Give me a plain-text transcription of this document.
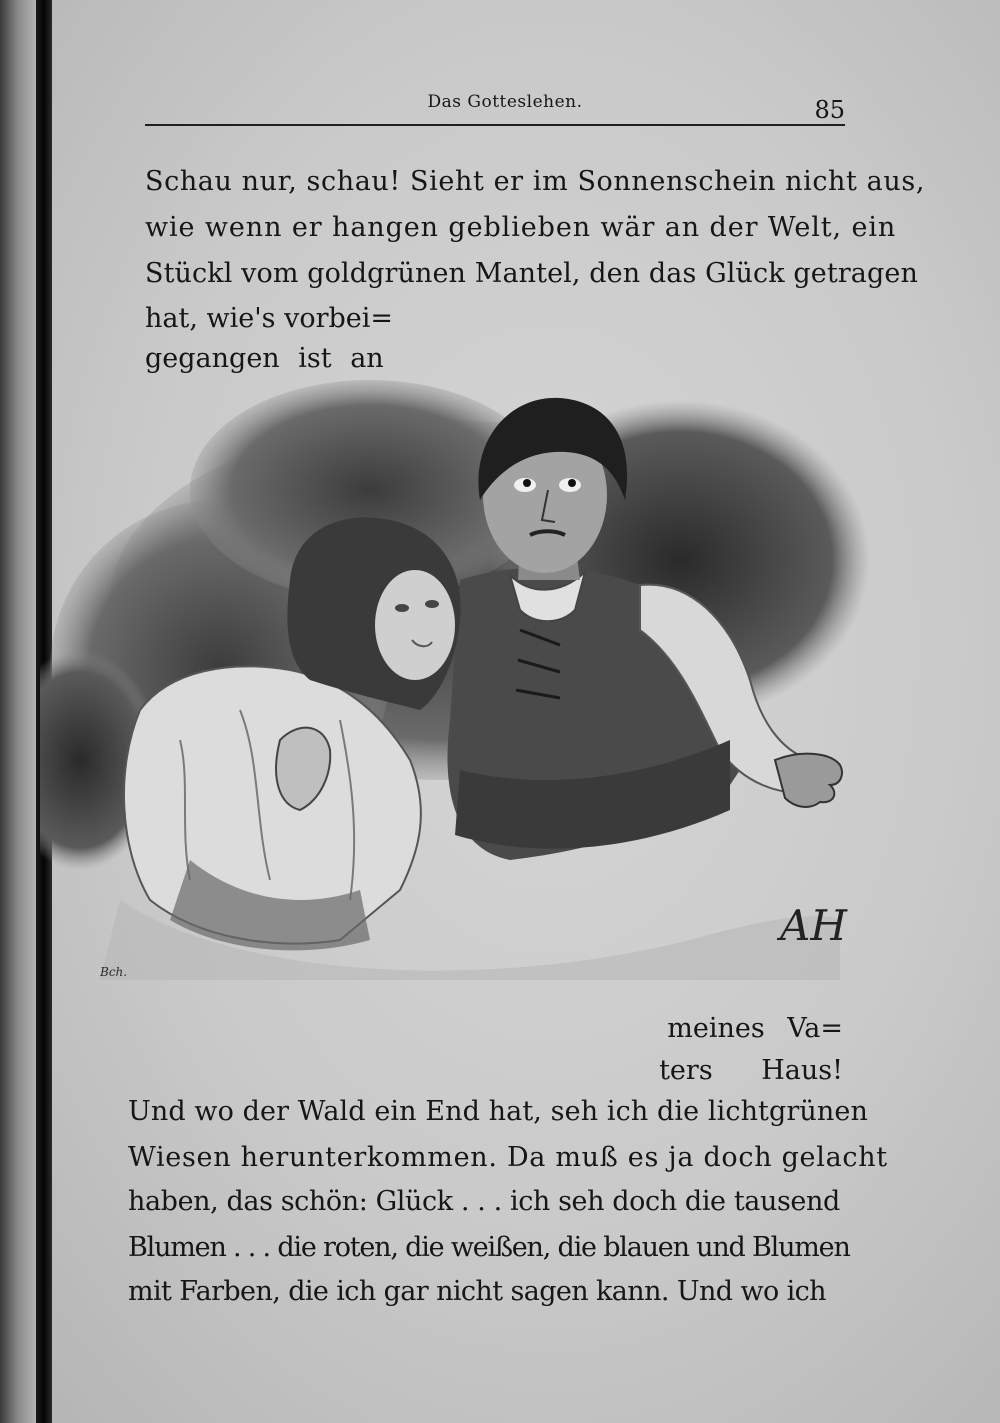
Das Gotteslehen.	85
Schau nur, schau! Sieht er im Sonnenschein nicht aus,
wie wenn er hangen geblieben wär an der Welt, ein
Stückl vom goldgrünen Mantel, den das Glück getragen
hat, wie's vorbei=
gegangen ist an
AH
Bch.
meines Va=
ters Haus!
Und wo der Wald ein End hat, seh ich die lichtgrünen
Wiesen herunterkommen. Da muß es ja doch gelacht
haben, das schön: Glück . . . ich seh doch die tausend
Blumen . . . die roten, die weißen, die blauen und Blumen
mit Farben, die ich gar nicht sagen kann. Und wo ich
